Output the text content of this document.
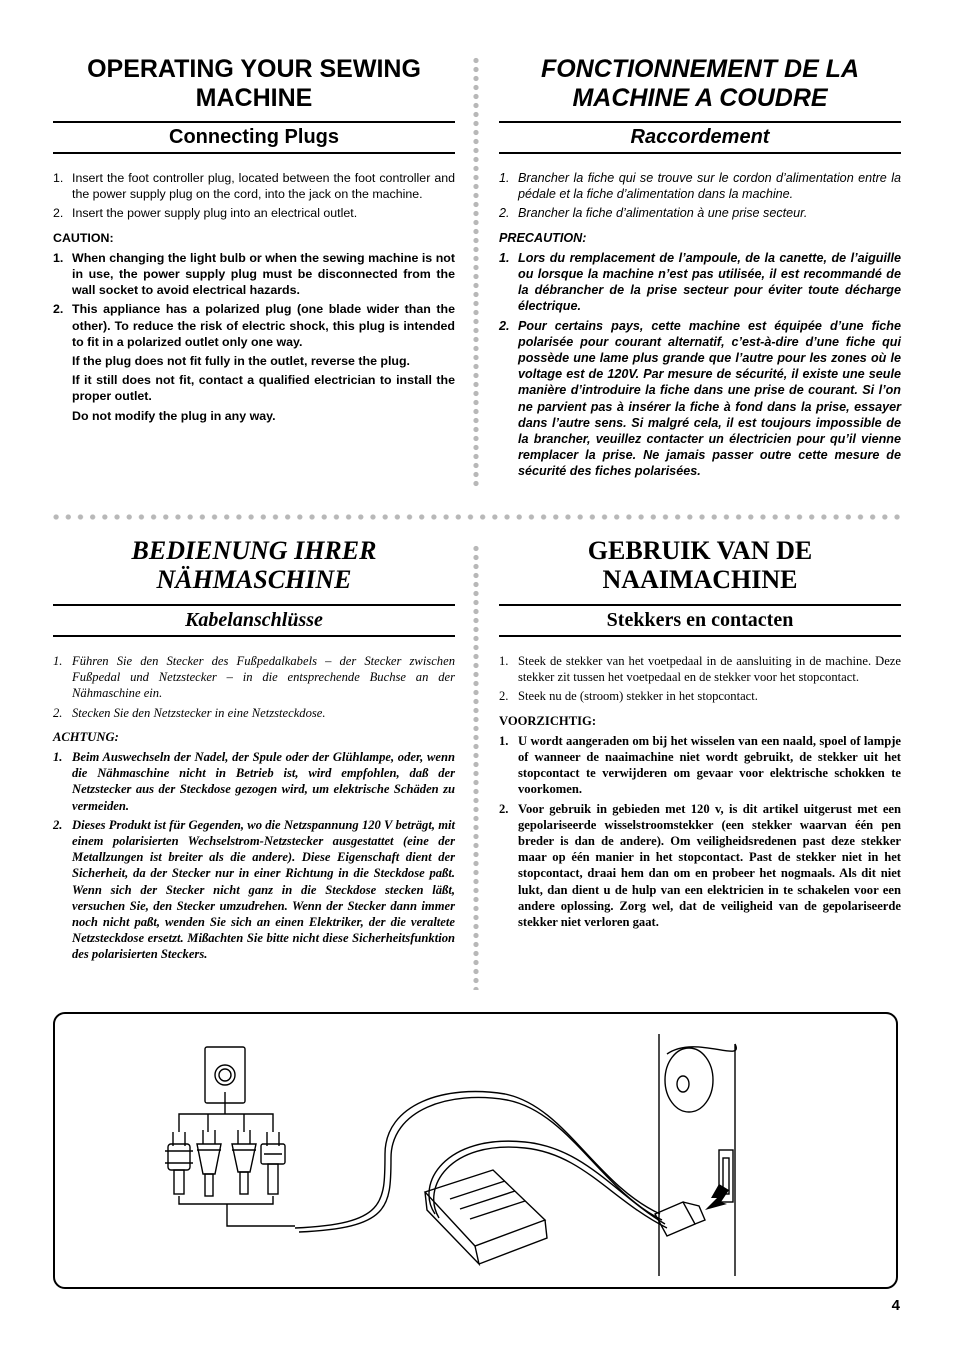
OPERATING YOUR SEWING
MACHINE
Connecting Plugs
1. Insert the foot controller plug, located between the foot controller and the power supply plug on the cord, into the jack on the machine.
2. Insert the power supply plug into an electrical outlet.
CAUTION:
1. When changing the light bulb or when the sewing machine is not in use, the power supply plug must be disconnected from the wall socket to avoid electrical hazards.
2. This appliance has a polarized plug (one blade wider than the other). To reduce the risk of electric shock, this plug is intended to fit in a polarized outlet only one way.
If the plug does not fit fully in the outlet, reverse the plug.
If it still does not fit, contact a qualified electrician to install the proper outlet.
Do not modify the plug in any way.
FONCTIONNEMENT DE LA
MACHINE A COUDRE
Raccordement
1. Brancher la fiche qui se trouve sur le cordon d’alimentation entre la pédale et la fiche d’alimentation dans la machine.
2. Brancher la fiche d’alimentation à une prise secteur.
PRECAUTION:
1. Lors du remplacement de l’ampoule, de la canette, de l’aiguille ou lorsque la machine n’est pas utilisée, il est recommandé de la débrancher de la prise secteur pour éviter toute décharge électrique.
2. Pour certains pays, cette machine est équipée d’une fiche polarisée pour courant alternatif, c’est-à-dire d’une fiche qui possède une lame plus grande que l’autre pour les zones où le voltage est de 120V. Par mesure de sécurité, il existe une seule manière d’introduire la fiche dans une prise de courant. Si l’on ne parvient pas à insérer la fiche à fond dans la prise, essayer dans l’autre sens. Si malgré cela, il est toujours impossible de la brancher, veuillez contacter un électricien pour qu’il vienne remplacer la prise. Ne jamais passer outre cette mesure de sécurité des fiches polarisées.
BEDIENUNG IHRER
NÄHMASCHINE
Kabelanschlüsse
1. Führen Sie den Stecker des Fußpedalkabels – der Stecker zwischen Fußpedal und Netzstecker – in die entsprechende Buchse an der Nähmaschine ein.
2. Stecken Sie den Netzstecker in eine Netzsteckdose.
ACHTUNG:
1. Beim Auswechseln der Nadel, der Spule oder der Glühlampe, oder, wenn die Nähmaschine nicht in Betrieb ist, wird empfohlen, daß der Netzstecker aus der Steckdose gezogen wird, um elektrische Schäden zu vermeiden.
2. Dieses Produkt ist für Gegenden, wo die Netzspannung 120 V beträgt, mit einem polarisierten Wechselstrom-Netzstecker ausgestattet (eine der Metallzungen ist breiter als die andere). Diese Eigenschaft dient der Sicherheit, da der Stecker nur in einer Richtung in die Steckdose paßt. Wenn sich der Stecker nicht ganz in die Steckdose stecken läßt, versuchen Sie, den Stecker umzudrehen. Wenn der Stecker dann immer noch nicht paßt, wenden Sie sich an einen Elektriker, der die veraltete Netzsteckdose ersetzt. Mißachten Sie bitte nicht diese Sicherheitsfunktion des polarisierten Steckers.
GEBRUIK VAN DE
NAAIMACHINE
Stekkers en contacten
1. Steek de stekker van het voetpedaal in de aansluiting in de machine. Deze stekker zit tussen het voetpedaal en de stekker voor het stopcontact.
2. Steek nu de (stroom) stekker in het stopcontact.
VOORZICHTIG:
1. U wordt aangeraden om bij het wisselen van een naald, spoel of lampje of wanneer de naaimachine niet wordt gebruikt, de stekker uit het stopcontact te verwijderen om gevaar voor elektrische schokken te voorkomen.
2. Voor gebruik in gebieden met 120 v, is dit artikel uitgerust met een gepolariseerde wisselstroomstekker (een stekker waarvan één pen breder is dan de andere). Om veiligheidsredenen past deze stekker maar op één manier in het stopcontact. Past de stekker niet in het stopcontact, draai hem dan om en probeer het nogmaals. Als dit niet lukt, dan dient u de hulp van een elektricien in te schakelen voor een andere oplossing. Zorg wel, dat de veiligheid van de gepolariseerde stekker niet verloren gaat.
4
